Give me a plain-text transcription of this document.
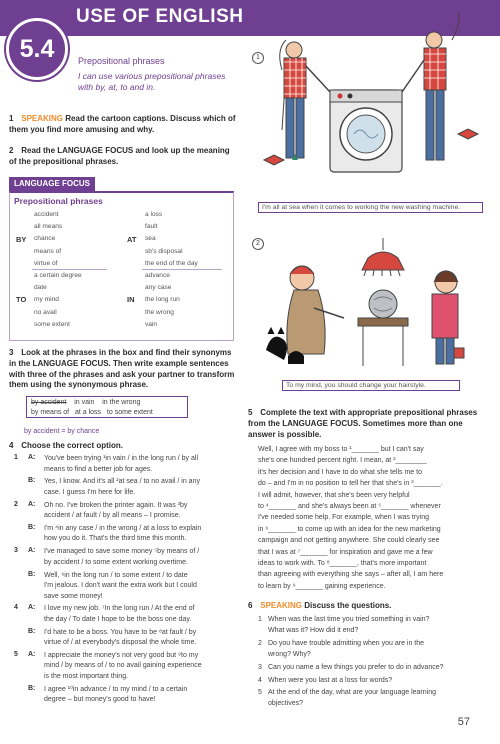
USE OF ENGLISH
5.4	Prepositional phrases
I can use various prepositional phrases with by, at, to and in.
1 SPEAKING Read the cartoon captions. Discuss which of them you find more amusing and why.
2 Read the LANGUAGE FOCUS and look up the meaning of the prepositional phrases.
LANGUAGE FOCUS
Prepositional phrases
BY
accident
all means
chance
means of
virtue of
AT
a loss
fault
sea
sb's disposal
the end of the day
TO
a certain degree
date
my mind
no avail
some extent
IN
advance
any case
the long run
the wrong
vain
3 Look at the phrases in the box and find their synonyms in the LANGUAGE FOCUS. Then write example sentences with three of the phrases and ask your partner to transform them using the synonymous phrase.
by accident in vain in the wrong
by means of at a loss to some extent
by accident = by chance
4 Choose the correct option.
1 A: You've been trying ¹in vain / in the long run / by all
means to find a better job for ages.
B: Yes, I know. And it's all ²at sea / to no avail / in any
case. I guess I'm here for life.
2 A: Oh no. I've broken the printer again. It was ³by
accident / at fault / by all means – I promise.
B: I'm ⁴in any case / in the wrong / at a loss to explain
how you do it. That's the third time this month.
3 A: I've managed to save some money ⁵by means of /
by accident / to some extent working overtime.
B: Well, ⁶in the long run / to some extent / to date
I'm jealous. I don't want the extra work but I could
save some money!
4 A: I love my new job. ⁷In the long run / At the end of
the day / To date I hope to be the boss one day.
B: I'd hate to be a boss. You have to be ⁸at fault / by
virtue of / at everybody's disposal the whole time.
5 A: I appreciate the money's not very good but ⁹to my
mind / by means of / to no avail gaining experience
is the most important thing.
B: I agree ¹⁰in advance / to my mind / to a certain
degree – but money's good to have!
1
I'm all at sea when it comes to working the new washing machine.
2
To my mind, you should change your hairstyle.
5 Complete the text with appropriate prepositional phrases from the LANGUAGE FOCUS. Sometimes more than one answer is possible.
Well, I agree with my boss to ¹_______ but I can't say
she's one hundred percent right. I mean, at ²________
it's her decision and I have to do what she tells me to
do – and I'm in no position to tell her that she's in ³_______.
I will admit, however, that she's been very helpful
to ⁴_______ and she's always been at ⁵_______ whenever
I've needed some help. For example, when I was trying
in ⁶_______ to come up with an idea for the new marketing
campaign and not getting anywhere. She could clearly see
that I was at ⁷_______ for inspiration and gave me a few
ideas to work with. To ⁸_______, that's more important
than agreeing with everything she says – after all, I am here
to learn by ⁹_______ gaining experience.
6 SPEAKING Discuss the questions.
1 When was the last time you tried something in vain?
What was it? How did it end?
2 Do you have trouble admitting when you are in the
wrong? Why?
3 Can you name a few things you prefer to do in advance?
4 When were you last at a loss for words?
5 At the end of the day, what are your language learning
objectives?
57
